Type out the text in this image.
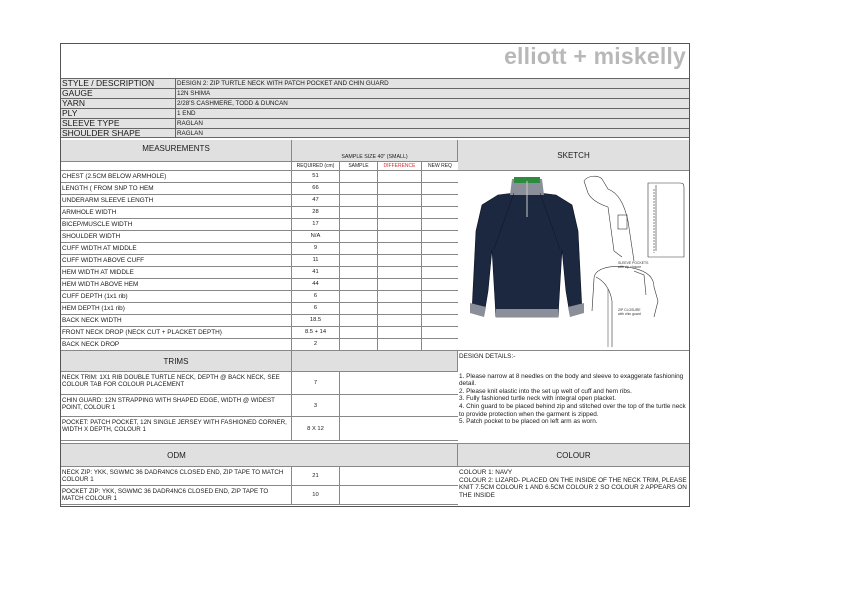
elliott + miskelly
STYLE / DESCRIPTION	DESIGN 2: ZIP TURTLE NECK WITH PATCH POCKET AND CHIN GUARD
GAUGE	12N SHIMA
YARN	2/28'S CASHMERE, TODD & DUNCAN
PLY	1 END
SLEEVE TYPE	RAGLAN
SHOULDER SHAPE	RAGLAN
MEASUREMENTS
SAMPLE SIZE 40" (SMALL)
REQUIRED (cm)	SAMPLE	DIFFERENCE	NEW REQ
CHEST (2.5CM BELOW ARMHOLE)	51
LENGTH ( FROM SNP TO HEM	66
UNDERARM SLEEVE LENGTH	47
ARMHOLE WIDTH	28
BICEP/MUSCLE WIDTH	17
SHOULDER WIDTH	N/A
CUFF WIDTH AT MIDDLE	9
CUFF WIDTH ABOVE CUFF	11
HEM WIDTH AT MIDDLE	41
HEM WIDTH ABOVE HEM	44
CUFF DEPTH (1x1 rib)	6
HEM DEPTH (1x1 rib)	6
BACK NECK WIDTH	18.5
FRONT NECK DROP (NECK CUT + PLACKET DEPTH)	8.5 + 14
BACK NECK DROP	2
SKETCH
SLEEVE POCKETS
with zip closure
ZIP CLOSURE
with chin guard
TRIMS
NECK TRIM: 1X1 RIB DOUBLE TURTLE NECK, DEPTH @ BACK NECK, SEE COLOUR TAB FOR COLOUR PLACEMENT	7
CHIN GUARD: 12N STRAPPING WITH SHAPED EDGE, WIDTH @ WIDEST POINT, COLOUR 1	3
POCKET: PATCH POCKET, 12N SINGLE JERSEY WITH FASHIONED CORNER, WIDTH X DEPTH, COLOUR 1	8 X 12
DESIGN DETAILS:-
1. Please narrow at 8 needles on the body and sleeve to exaggerate fashioning detail.
2. Please knit elastic into the set up welt of cuff and hem ribs.
3. Fully fashioned turtle neck with integral open placket.
4. Chin guard to be placed behind zip and stitched over the top of the turtle neck to provide protection when the garment is zipped.
5. Patch pocket to be placed on left arm as worn.
ODM	COLOUR
NECK ZIP: YKK, SGWMC 36 DADR4NC6 CLOSED END, ZIP TAPE TO MATCH COLOUR 1	21
POCKET ZIP: YKK, SGWMC 36 DADR4NC6 CLOSED END, ZIP TAPE TO MATCH COLOUR 1	10
COLOUR 1: NAVY
COLOUR 2: LIZARD- PLACED ON THE INSIDE OF THE NECK TRIM, PLEASE KNIT 7.5CM COLOUR 1 AND 6.5CM COLOUR 2 SO COLOUR 2 APPEARS ON THE INSIDE
